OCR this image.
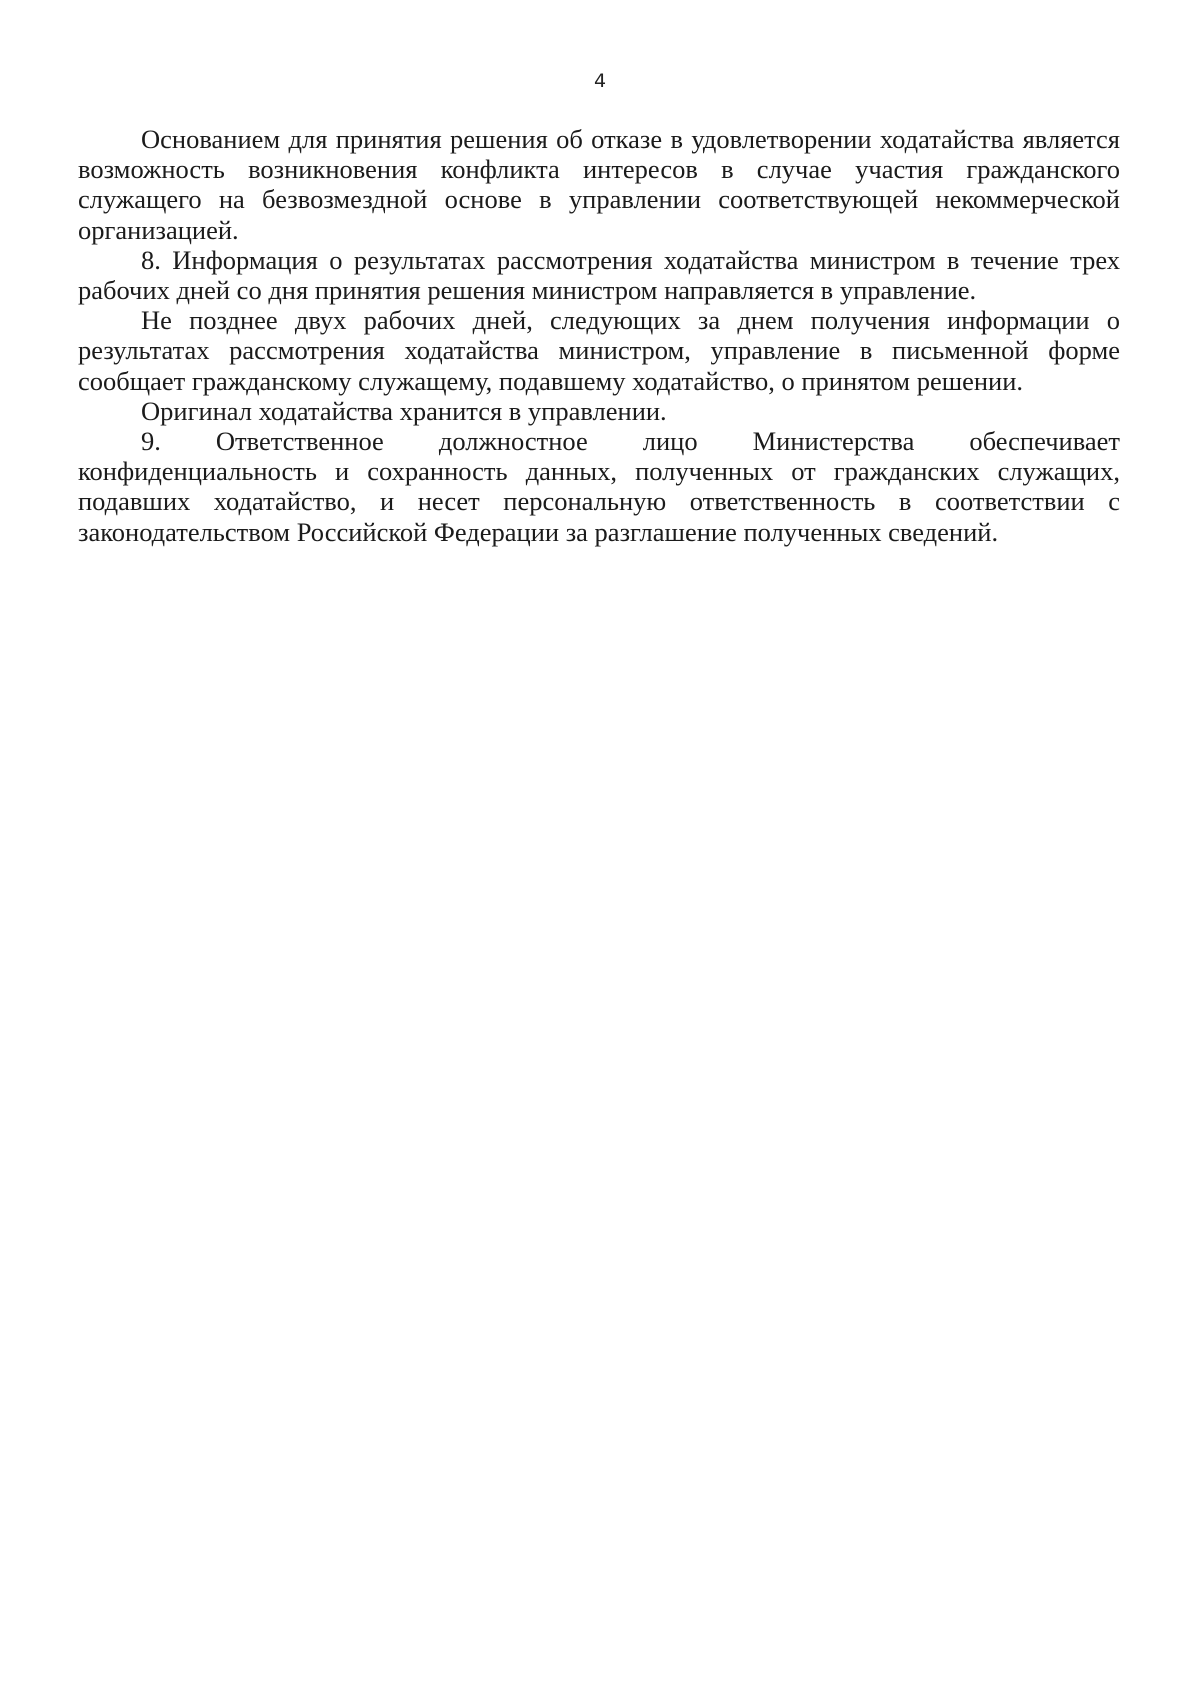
4

Основанием для принятия решения об отказе в удовлетворении ходатайства является возможность возникновения конфликта интересов в случае участия гражданского служащего на безвозмездной основе в управлении соответствующей некоммерческой организацией.

8. Информация о результатах рассмотрения ходатайства министром в течение трех рабочих дней со дня принятия решения министром направляется в управление.

Не позднее двух рабочих дней, следующих за днем получения информации о результатах рассмотрения ходатайства министром, управление в письменной форме сообщает гражданскому служащему, подавшему ходатайство, о принятом решении.

Оригинал ходатайства хранится в управлении.

9. Ответственное должностное лицо Министерства обеспечивает конфиденциальность и сохранность данных, полученных от гражданских служащих, подавших ходатайство, и несет персональную ответственность в соответствии с законодательством Российской Федерации за разглашение полученных сведений.
